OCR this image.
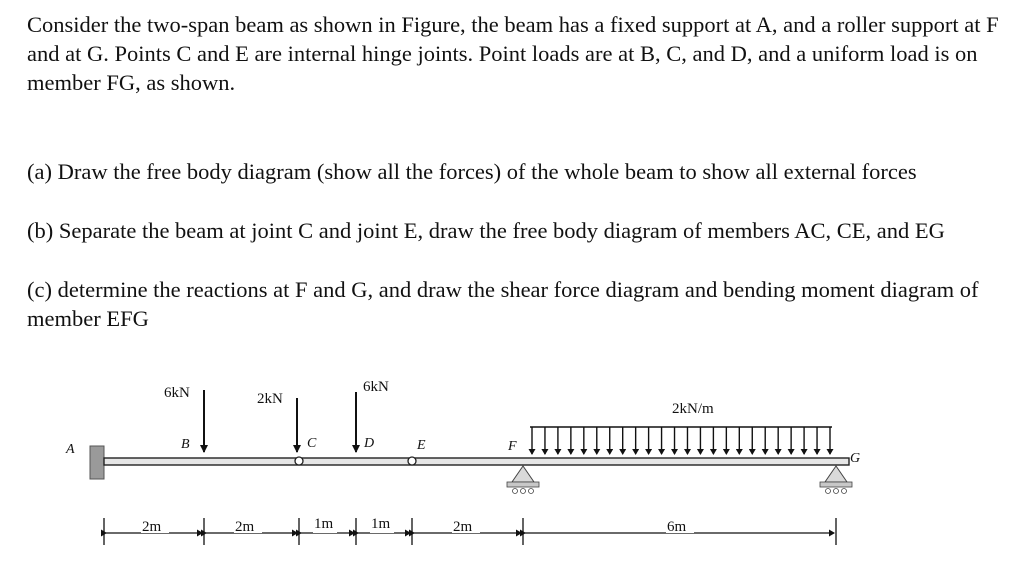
Consider the two-span beam as shown in Figure, the beam has a fixed support at A, and a roller support at F and at G. Points C and E are internal hinge joints. Point loads are at B, C, and D, and a uniform load is on member FG, as shown.

(a) Draw the free body diagram (show all the forces) of the whole beam to show all external forces

(b) Separate the beam at joint C and joint E, draw the free body diagram of members AC, CE, and EG

(c) determine the reactions at F and G, and draw the shear force diagram and bending moment diagram of member EFG

6kN	2kN
6kN
2kN/m
A	B	C	D	E	F
G
2m	2m	1m	1m	2m	6m
